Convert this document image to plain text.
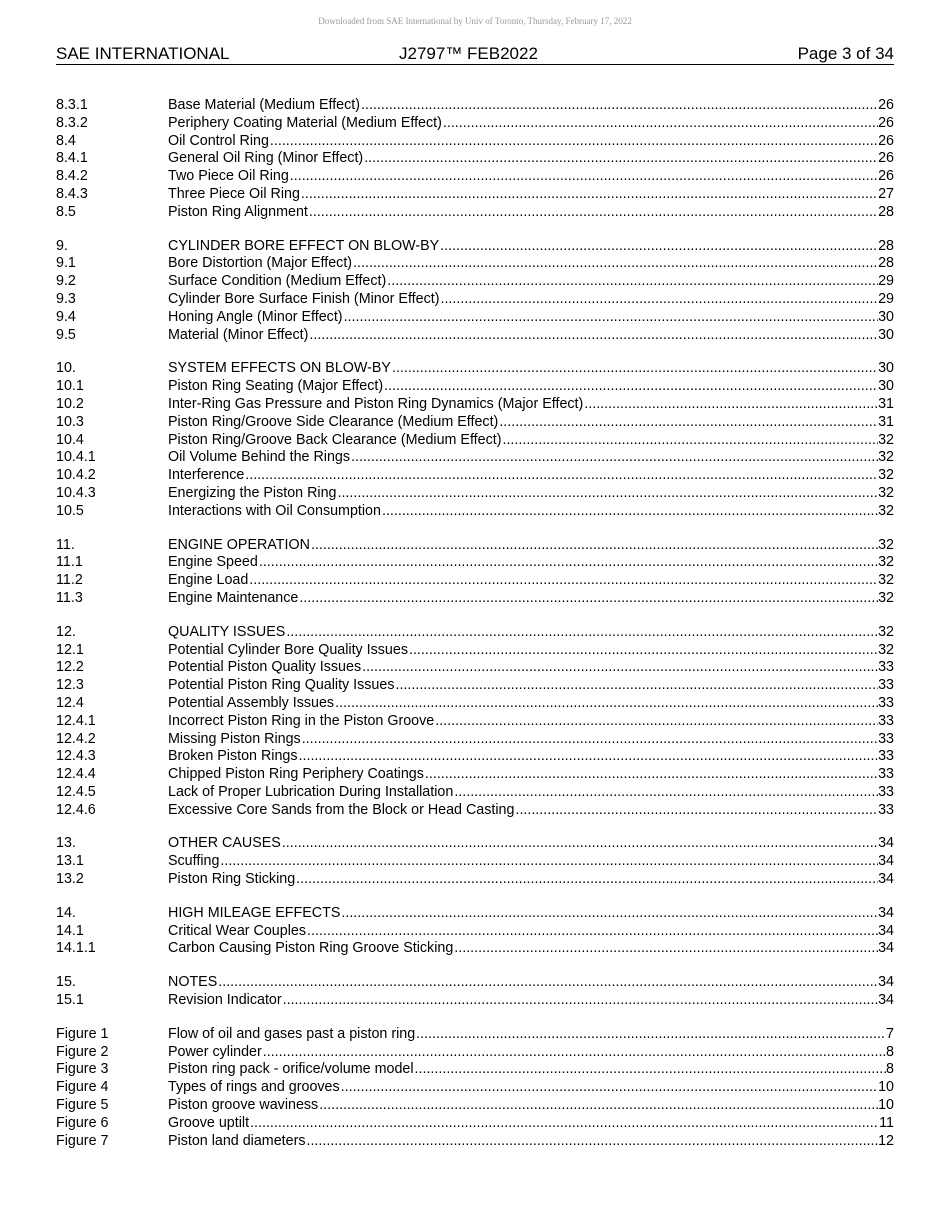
Downloaded from SAE International by Univ of Toronto, Thursday, February 17, 2022
SAE INTERNATIONAL	J2797™ FEB2022	Page 3 of 34
8.3.1	Base Material (Medium Effect) .....	26
8.3.2	Periphery Coating Material (Medium Effect) .....	26
8.4	Oil Control Ring .....	26
8.4.1	General Oil Ring (Minor Effect) .....	26
8.4.2	Two Piece Oil Ring .....	26
8.4.3	Three Piece Oil Ring .....	27
8.5	Piston Ring Alignment .....	28
9.	CYLINDER BORE EFFECT ON BLOW-BY .....	28
9.1	Bore Distortion (Major Effect) .....	28
9.2	Surface Condition (Medium Effect) .....	29
9.3	Cylinder Bore Surface Finish (Minor Effect) .....	29
9.4	Honing Angle (Minor Effect) .....	30
9.5	Material (Minor Effect) .....	30
10.	SYSTEM EFFECTS ON BLOW-BY .....	30
10.1	Piston Ring Seating (Major Effect) .....	30
10.2	Inter-Ring Gas Pressure and Piston Ring Dynamics (Major Effect) .....	31
10.3	Piston Ring/Groove Side Clearance (Medium Effect) .....	31
10.4	Piston Ring/Groove Back Clearance (Medium Effect) .....	32
10.4.1	Oil Volume Behind the Rings .....	32
10.4.2	Interference .....	32
10.4.3	Energizing the Piston Ring .....	32
10.5	Interactions with Oil Consumption .....	32
11.	ENGINE OPERATION .....	32
11.1	Engine Speed .....	32
11.2	Engine Load .....	32
11.3	Engine Maintenance .....	32
12.	QUALITY ISSUES .....	32
12.1	Potential Cylinder Bore Quality Issues .....	32
12.2	Potential Piston Quality Issues .....	33
12.3	Potential Piston Ring Quality Issues .....	33
12.4	Potential Assembly Issues .....	33
12.4.1	Incorrect Piston Ring in the Piston Groove .....	33
12.4.2	Missing Piston Rings .....	33
12.4.3	Broken Piston Rings .....	33
12.4.4	Chipped Piston Ring Periphery Coatings .....	33
12.4.5	Lack of Proper Lubrication During Installation .....	33
12.4.6	Excessive Core Sands from the Block or Head Casting .....	33
13.	OTHER CAUSES .....	34
13.1	Scuffing .....	34
13.2	Piston Ring Sticking .....	34
14.	HIGH MILEAGE EFFECTS .....	34
14.1	Critical Wear Couples .....	34
14.1.1	Carbon Causing Piston Ring Groove Sticking .....	34
15.	NOTES .....	34
15.1	Revision Indicator .....	34
Figure 1	Flow of oil and gases past a piston ring .....	7
Figure 2	Power cylinder .....	8
Figure 3	Piston ring pack - orifice/volume model .....	8
Figure 4	Types of rings and grooves .....	10
Figure 5	Piston groove waviness .....	10
Figure 6	Groove uptilt .....	11
Figure 7	Piston land diameters .....	12
